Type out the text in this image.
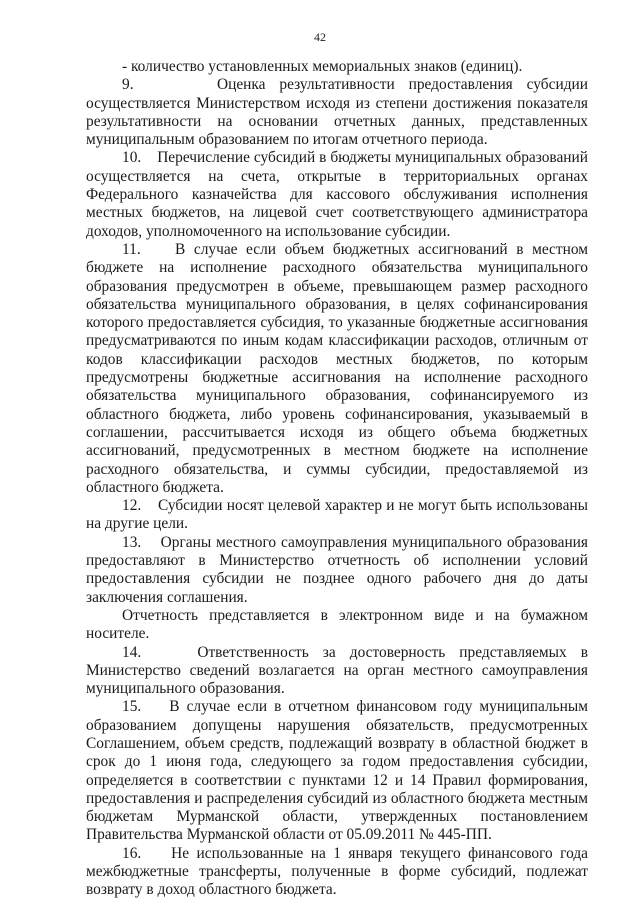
42

- количество установленных мемориальных знаков (единиц).

9.	Оценка результативности предоставления субсидии осуществляется Министерством исходя из степени достижения показателя результативности на основании отчетных данных, представленных муниципальным образованием по итогам отчетного периода.

10. Перечисление субсидий в бюджеты муниципальных образований осуществляется на счета, открытые в территориальных органах Федерального казначейства для кассового обслуживания исполнения местных бюджетов, на лицевой счет соответствующего администратора доходов, уполномоченного на использование субсидии.

11. В случае если объем бюджетных ассигнований в местном бюджете на исполнение расходного обязательства муниципального образования предусмотрен в объеме, превышающем размер расходного обязательства муниципального образования, в целях софинансирования которого предоставляется субсидия, то указанные бюджетные ассигнования предусматриваются по иным кодам классификации расходов, отличным от кодов классификации расходов местных бюджетов, по которым предусмотрены бюджетные ассигнования на исполнение расходного обязательства муниципального образования, софинансируемого из областного бюджета, либо уровень софинансирования, указываемый в соглашении, рассчитывается исходя из общего объема бюджетных ассигнований, предусмотренных в местном бюджете на исполнение расходного обязательства, и суммы субсидии, предоставляемой из областного бюджета.

12. Субсидии носят целевой характер и не могут быть использованы на другие цели.

13. Органы местного самоуправления муниципального образования предоставляют в Министерство отчетность об исполнении условий предоставления субсидии не позднее одного рабочего дня до даты заключения соглашения.

Отчетность представляется в электронном виде и на бумажном носителе.

14.	Ответственность за достоверность представляемых в Министерство сведений возлагается на орган местного самоуправления муниципального образования.

15. В случае если в отчетном финансовом году муниципальным образованием допущены нарушения обязательств, предусмотренных Соглашением, объем средств, подлежащий возврату в областной бюджет в срок до 1 июня года, следующего за годом предоставления субсидии, определяется в соответствии с пунктами 12 и 14 Правил формирования, предоставления и распределения субсидий из областного бюджета местным бюджетам Мурманской области, утвержденных постановлением Правительства Мурманской области от 05.09.2011 № 445-ПП.

16. Не использованные на 1 января текущего финансового года межбюджетные трансферты, полученные в форме субсидий, подлежат возврату в доход областного бюджета.
